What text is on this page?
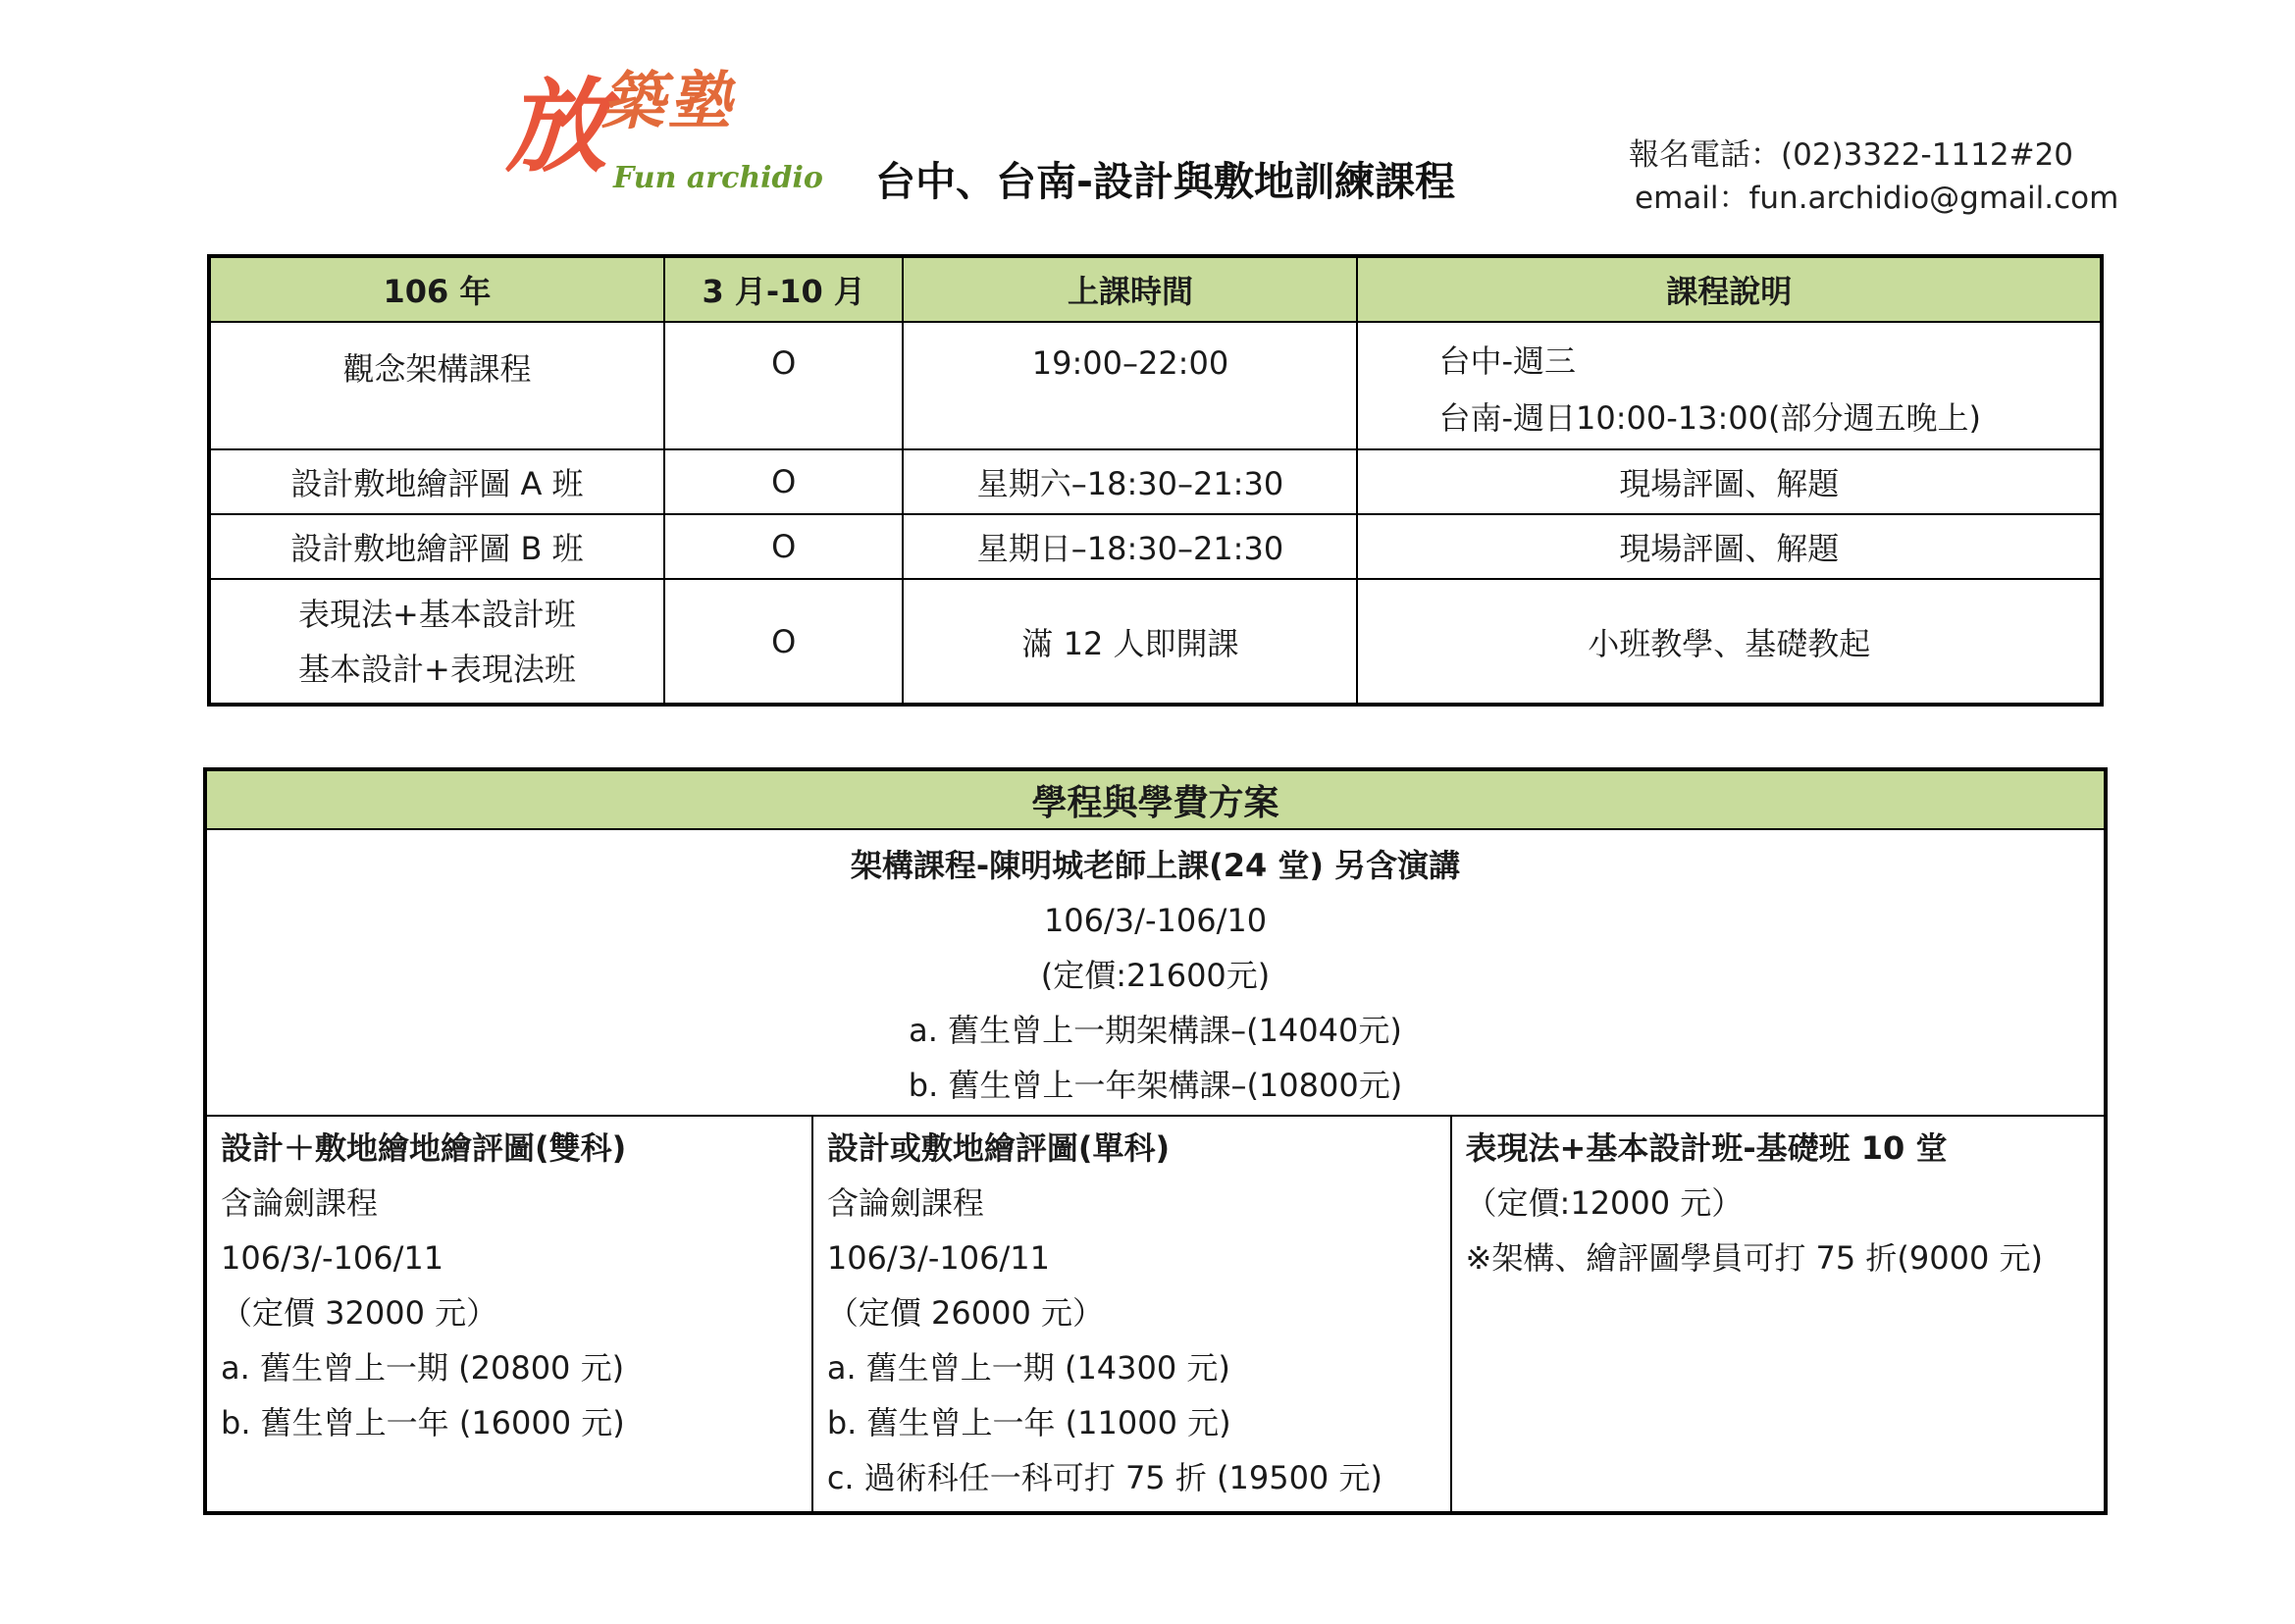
放$^{築塾}$
Fun archidio 台中、台南-設計與敷地訓練課程
報名電話：(02)3322-1112#20
email：fun.archidio@gmail.com
106 年	3 月-10 月	上課時間	課程說明
觀念架構課程	O	19:00–22:00	台中-週三
台南-週日10:00-13:00(部分週五晚上)

設計敷地繪評圖 A 班	O	星期六–18:30–21:30	現場評圖、解題
設計敷地繪評圖 B 班	O	星期日–18:30–21:30	現場評圖、解題

表現法+基本設計班
基本設計+表現法班	O	滿 12 人即開課	小班教學、基礎教起
學程與學費方案

架構課程-陳明城老師上課(24 堂) 另含演講
106/3/-106/10
(定價:21600元)
a. 舊生曾上一期架構課–(14040元)
b. 舊生曾上一年架構課–(10800元)

設計＋敷地繪地繪評圖(雙科)
含論劍課程
106/3/-106/11
（定價 32000 元）
a. 舊生曾上一期 (20800 元)
b. 舊生曾上一年 (16000 元)

設計或敷地繪評圖(單科)
含論劍課程
106/3/-106/11
（定價 26000 元）
a. 舊生曾上一期 (14300 元)
b. 舊生曾上一年 (11000 元)
c. 過術科任一科可打 75 折 (19500 元)

表現法+基本設計班-基礎班 10 堂
（定價:12000 元）
※架構、繪評圖學員可打 75 折(9000 元)
